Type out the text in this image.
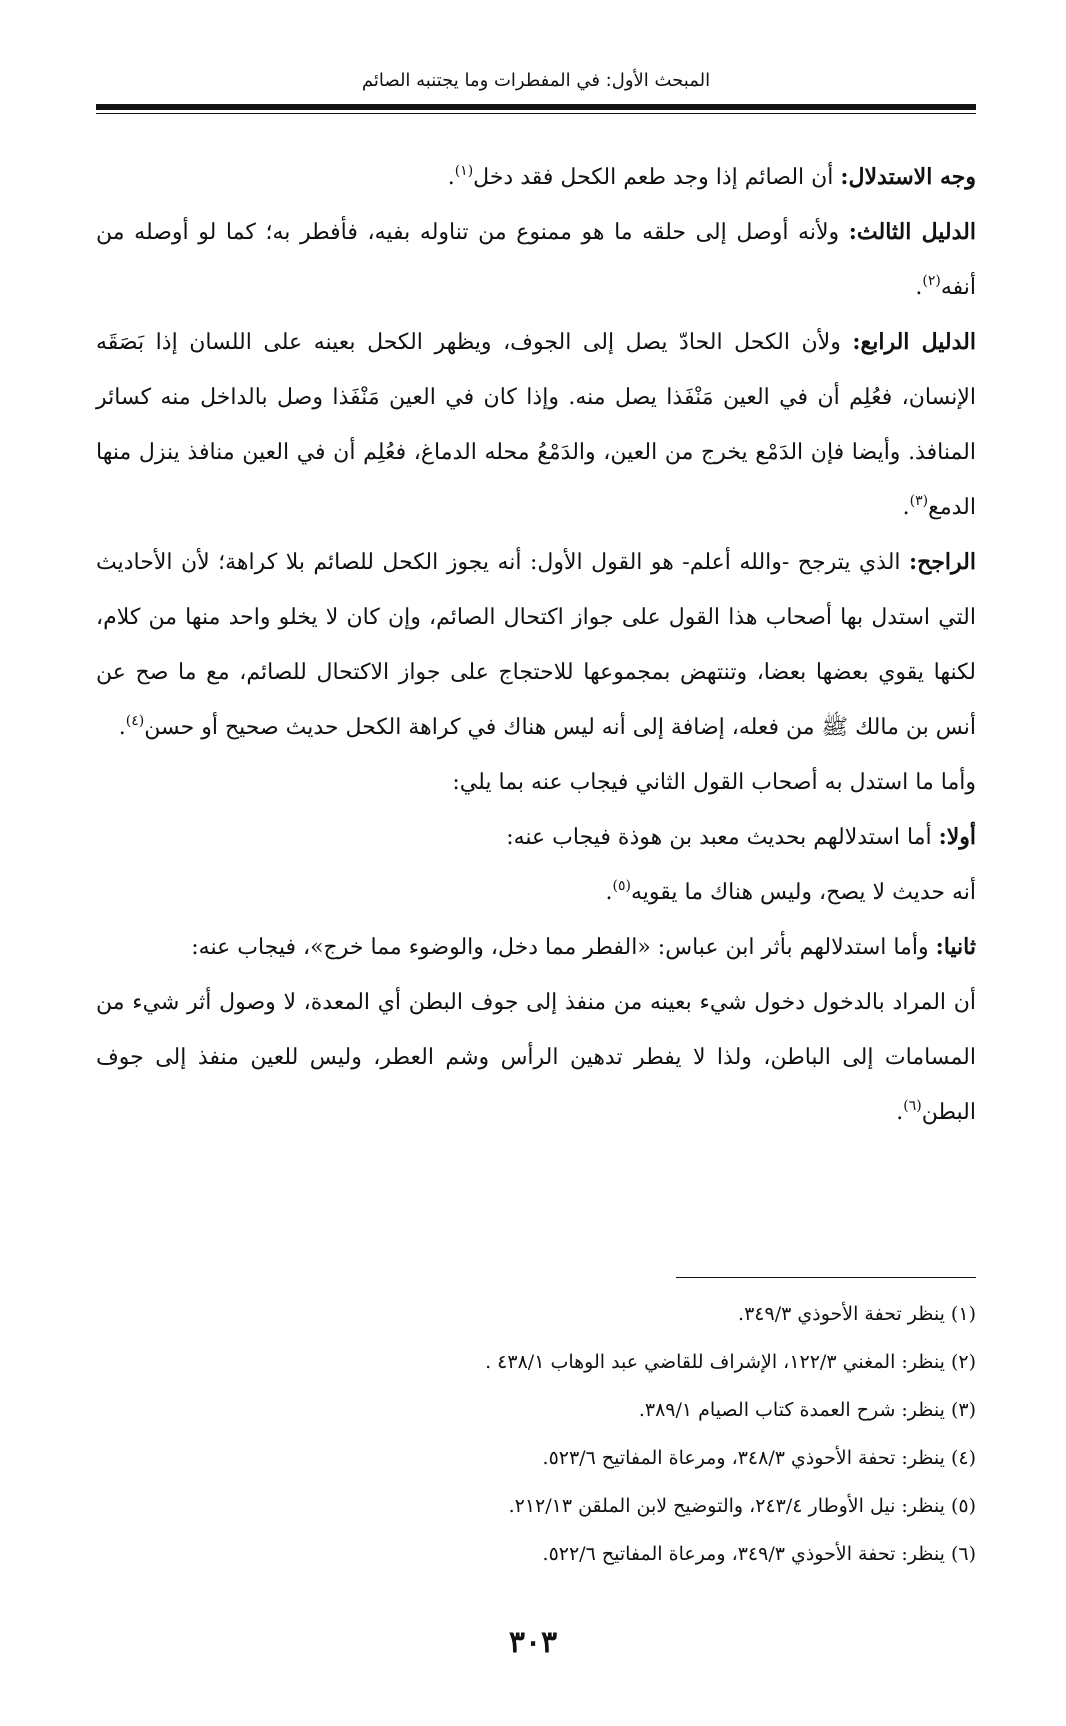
المبحث الأول: في المفطرات وما يجتنبه الصائم

وجه الاستدلال: أن الصائم إذا وجد طعم الكحل فقد دخل$^{(١)}$.

الدليل الثالث: ولأنه أوصل إلى حلقه ما هو ممنوع من تناوله بفيه، فأفطر به؛ كما لو أوصله من أنفه$^{(٢)}$.

الدليل الرابع: ولأن الكحل الحادّ يصل إلى الجوف، ويظهر الكحل بعينه على اللسان إذا بَصَقَه الإنسان، فعُلِم أن في العين مَنْفَذا يصل منه. وإذا كان في العين مَنْفَذا وصل بالداخل منه كسائر المنافذ. وأيضا فإن الدَمْع يخرج من العين، والدَمْعُ محله الدماغ، فعُلِم أن في العين منافذ ينزل منها الدمع$^{(٣)}$.

الراجح: الذي يترجح -والله أعلم- هو القول الأول: أنه يجوز الكحل للصائم بلا كراهة؛ لأن الأحاديث التي استدل بها أصحاب هذا القول على جواز اكتحال الصائم، وإن كان لا يخلو واحد منها من كلام، لكنها يقوي بعضها بعضا، وتنتهض بمجموعها للاحتجاج على جواز الاكتحال للصائم، مع ما صح عن أنس بن مالك ﷺ من فعله، إضافة إلى أنه ليس هناك في كراهة الكحل حديث صحيح أو حسن$^{(٤)}$.

وأما ما استدل به أصحاب القول الثاني فيجاب عنه بما يلي:

أولا: أما استدلالهم بحديث معبد بن هوذة فيجاب عنه:

أنه حديث لا يصح، وليس هناك ما يقويه$^{(٥)}$.

ثانيا: وأما استدلالهم بأثر ابن عباس: «الفطر مما دخل، والوضوء مما خرج»، فيجاب عنه:

أن المراد بالدخول دخول شيء بعينه من منفذ إلى جوف البطن أي المعدة، لا وصول أثر شيء من المسامات إلى الباطن، ولذا لا يفطر تدهين الرأس وشم العطر، وليس للعين منفذ إلى جوف البطن$^{(٦)}$.

(١) ينظر تحفة الأحوذي ٣٤٩/٣.

(٢) ينظر: المغني ١٢٢/٣، الإشراف للقاضي عبد الوهاب ٤٣٨/١ .

(٣) ينظر: شرح العمدة كتاب الصيام ٣٨٩/١.

(٤) ينظر: تحفة الأحوذي ٣٤٨/٣، ومرعاة المفاتيح ٥٢٣/٦.

(٥) ينظر: نيل الأوطار ٢٤٣/٤، والتوضيح لابن الملقن ٢١٢/١٣.

(٦) ينظر: تحفة الأحوذي ٣٤٩/٣، ومرعاة المفاتيح ٥٢٢/٦.

٣٠٣
